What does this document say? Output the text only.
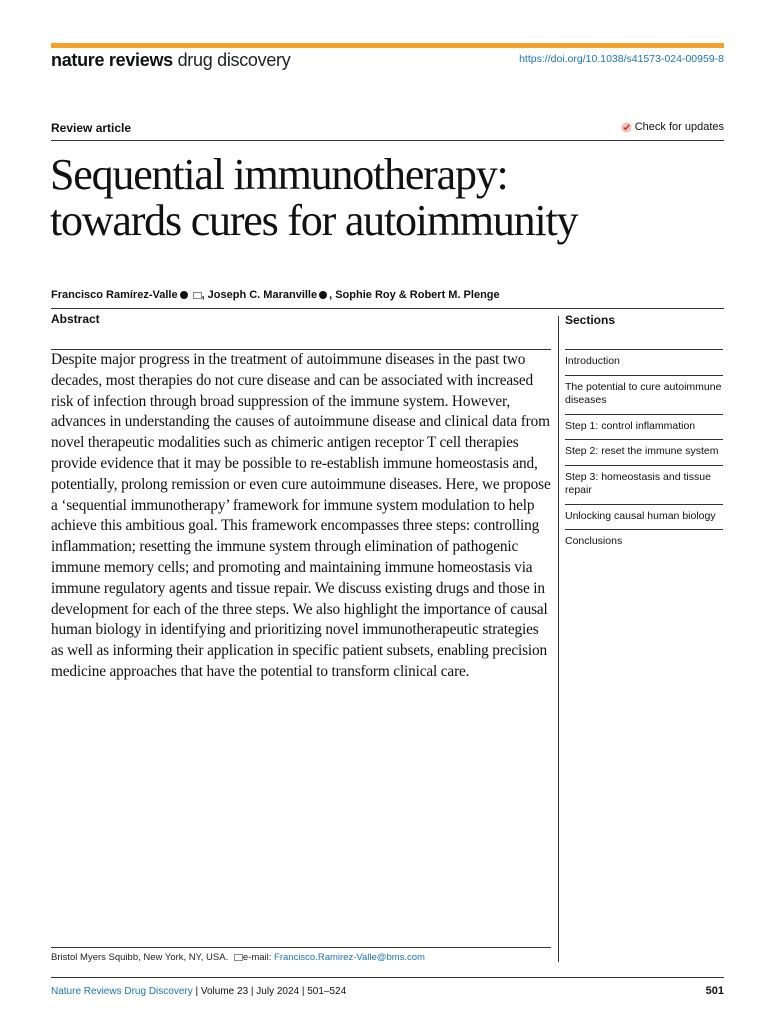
nature reviews drug discovery	https://doi.org/10.1038/s41573-024-00959-8
Review article	Check for updates
Sequential immunotherapy:
towards cures for autoimmunity
Francisco Ramírez-Valle , Joseph C. Maranville , Sophie Roy & Robert M. Plenge
Abstract
Despite major progress in the treatment of autoimmune diseases in the past two decades, most therapies do not cure disease and can be associated with increased risk of infection through broad suppression of the immune system. However, advances in understanding the causes of autoimmune disease and clinical data from novel therapeutic modalities such as chimeric antigen receptor T cell therapies provide evidence that it may be possible to re-establish immune homeostasis and, potentially, prolong remission or even cure autoimmune diseases. Here, we propose a ‘sequential immunotherapy’ framework for immune system modulation to help achieve this ambitious goal. This framework encompasses three steps: controlling inflammation; resetting the immune system through elimination of pathogenic immune memory cells; and promoting and maintaining immune homeostasis via immune regulatory agents and tissue repair. We discuss existing drugs and those in development for each of the three steps. We also highlight the importance of causal human biology in identifying and prioritizing novel immunotherapeutic strategies as well as informing their application in specific patient subsets, enabling precision medicine approaches that have the potential to transform clinical care.
Sections
Introduction
The potential to cure autoimmune diseases
Step 1: control inflammation
Step 2: reset the immune system
Step 3: homeostasis and tissue repair
Unlocking causal human biology
Conclusions
Bristol Myers Squibb, New York, NY, USA. e-mail: Francisco.Ramirez-Valle@bms.com
Nature Reviews Drug Discovery | Volume 23 | July 2024 | 501–524	501
